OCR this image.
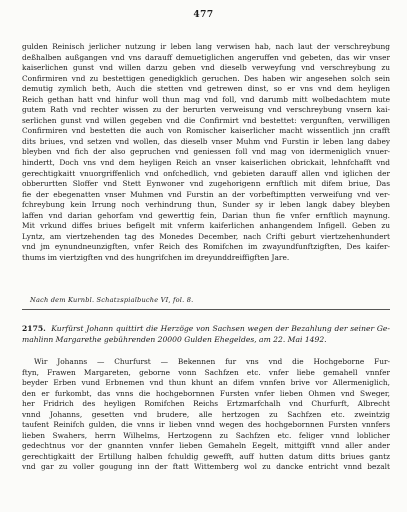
477
gulden Reinisch jerlicher nutzung ir leben lang verwisen hab, nach laut der verschreybung
deßhalben außgangen vnd vns darauff demuetiglichen angeruffen vnd gebeten, das wir vnser
kaiserlichen gunst vnd willen darzu geben vnd dieselb verweyfung vnd verschreybung zu
Confirmiren vnd zu bestettigen genedigklich geruchen. Des haben wir angesehen solch sein
demutig zymlich beth, Auch die stetten vnd getrewen dinst, so er vns vnd dem heyligen
Reich gethan hatt vnd hinfur woll thun mag vnd foll, vnd darumb mitt wolbedachtem mute
gutem Rath vnd rechter wissen zu der berurten verweisung vnd verschreybung vnsern kai-
serlichen gunst vnd willen gegeben vnd die Confirmirt vnd bestettet: vergunften, verwilligen
Confirmiren vnd bestetten die auch von Romischer kaiserlicher macht wissentlich jnn crafft
dits briues, vnd setzen vnd wollen, das dieselb vnser Muhm vnd Furstin ir leben lang dabey
bleyben vnd fich der also gepruchen vnd geniessen foll vnd mag von idermeniglich vnuer-
hindertt, Doch vns vnd dem heyligen Reich an vnser kaiserlichen obrickait, lehnfchafft vnd
gerechtigkaitt vnuorgriffenlich vnd onfchedlich, vnd gebieten darauff allen vnd iglichen der
obberurtten Sloffer vnd Stett Eynwoner vnd zugehorigenn ernftlich mit difem briue, Das
fie der ebegenatten vnser Muhmen vnd Furstin an der vorbeftimptten verweifung vnd ver-
fchreybung kein Irrung noch verhindrung thun, Sunder sy ir leben langk dabey bleyben
laffen vnd darian gehorfam vnd gewerttig fein, Darian thun fie vnfer ernftlich maynung.
Mit vrkund diffes briues befigelt mit vnferm kaiferlichen anhangendem Infigell. Geben zu
Lyntz, am viertzehenden tag des Monedes December, nach Crifti geburt viertzehenhundert
vnd jm eynundneunzigften, vnfer Reich des Romifchen im zwayundfunftzigften, Des kaifer-
thums im viertzigften vnd des hungrifchen im dreyunddreiffigften Jare.
Nach dem Kurnbl. Schatzspialbuche VI, fol. 8.
2175. Kurfürst Johann quittirt die Herzöge von Sachsen wegen der Bezahlung der seiner Ge-
mahlinn Margarethe gebührenden 20000 Gulden Ehegeldes, am 22. Mai 1492.
Wir Johanns — Churfurst — Bekennen fur vns vnd die Hochgeborne Fur-
ftyn, Frawen Margareten, geborne vonn Sachfzen etc. vnfer liebe gemahell vnnfer
beyder Erben vund Erbnemen vnd thun khunt an difem vnnfen brive vor Allermeniglich,
den er furkombt, das vnns die hochgebornnen Fursten vnfer lieben Ohmen vnd Sweger,
her Fridrich des heyligen Romifchen Reichs Ertzmarfchalh vnd Churfurft, Albrecht
vnnd Johanns, gesetten vnd brudere, alle hertzogen zu Sachfzen etc. zweintzig
taufent Reinifch gulden, die vnns ir lieben vnnd wegen des hochgebornnen Fursten vnnfers
lieben Swahers, herrn Wilhelms, Hertzogenn zu Sachfzen etc. feliger vnnd loblicher
gedechtnus vor der gnannten vnnfer lieben Gemaheln Eegelt, mittgifft vnnd aller ander
gerechtigkaitt der Ertillung halben fchuldig gewefft, auff hutten datum ditts briues gantz
vnd gar zu voller gougung inn der ftatt Wittemberg wol zu dancke entricht vnnd bezalt
